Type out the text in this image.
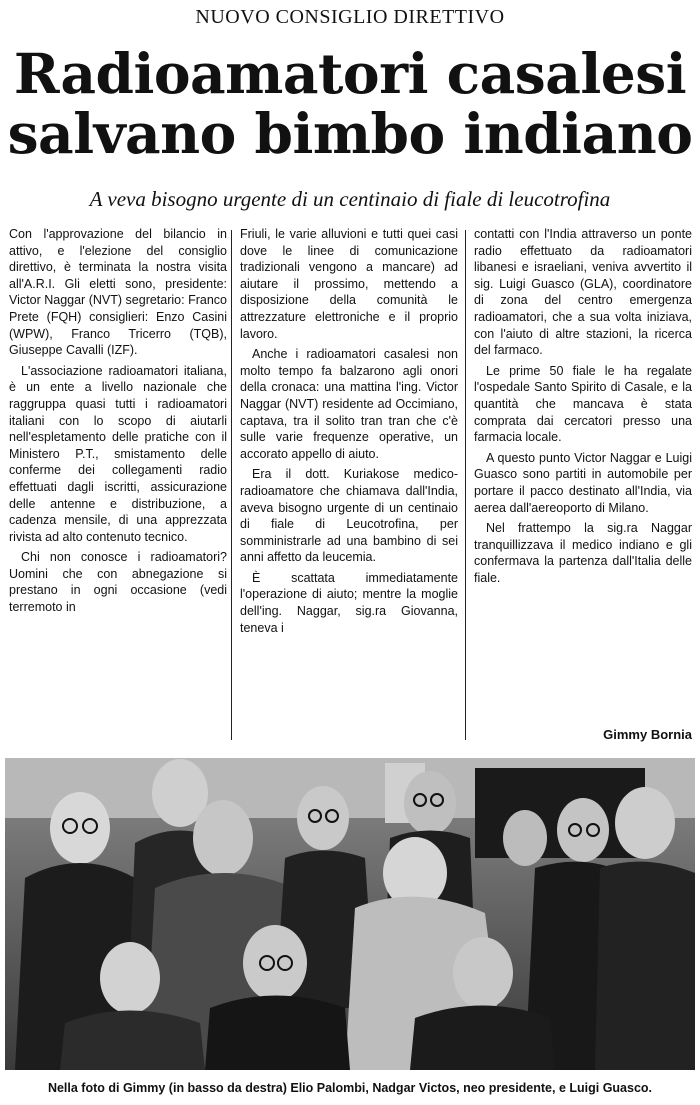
NUOVO CONSIGLIO DIRETTIVO
Radioamatori casalesi
salvano bimbo indiano
A veva bisogno urgente di un centinaio di fiale di leucotrofina

Con l'approvazione del bilancio in attivo, e l'elezione del consiglio direttivo, è terminata la nostra visita all'A.R.I. Gli eletti sono, presidente: Victor Naggar (NVT) segretario: Franco Prete (FQH) consiglieri: Enzo Casini (WPW), Franco Tricerro (TQB), Giuseppe Cavalli (IZF).

L'associazione radioamatori italiana, è un ente a livello nazionale che raggruppa quasi tutti i radioamatori italiani con lo scopo di aiutarli nell'espletamento delle pratiche con il Ministero P.T., smistamento delle conferme dei collegamenti radio effettuati dagli iscritti, assicurazione delle antenne e distribuzione, a cadenza mensile, di una apprezzata rivista ad alto contenuto tecnico.

Chi non conosce i radioamatori? Uomini che con abnegazione si prestano in ogni occasione (vedi terremoto in

Friuli, le varie alluvioni e tutti quei casi dove le linee di comunicazione tradizionali vengono a mancare) ad aiutare il prossimo, mettendo a disposizione della comunità le attrezzature elettroniche e il proprio lavoro.

Anche i radioamatori casalesi non molto tempo fa balzarono agli onori della cronaca: una mattina l'ing. Victor Naggar (NVT) residente ad Occimiano, captava, tra il solito tran tran che c'è sulle varie frequenze operative, un accorato appello di aiuto.

Era il dott. Kuriakose medico-radioamatore che chiamava dall'India, aveva bisogno urgente di un centinaio di fiale di Leucotrofina, per somministrarle ad una bambino di sei anni affetto da leucemia.

È scattata immediatamente l'operazione di aiuto; mentre la moglie dell'ing. Naggar, sig.ra Giovanna, teneva i

contatti con l'India attraverso un ponte radio effettuato da radioamatori libanesi e israeliani, veniva avvertito il sig. Luigi Guasco (GLA), coordinatore di zona del centro emergenza radioamatori, che a sua volta iniziava, con l'aiuto di altre stazioni, la ricerca del farmaco.

Le prime 50 fiale le ha regalate l'ospedale Santo Spirito di Casale, e la quantità che mancava è stata comprata dai cercatori presso una farmacia locale.

A questo punto Victor Naggar e Luigi Guasco sono partiti in automobile per portare il pacco destinato all'India, via aerea dall'aereoporto di Milano.

Nel frattempo la sig.ra Naggar tranquillizzava il medico indiano e gli confermava la partenza dall'Italia delle fiale.

Gimmy Bornia
Nella foto di Gimmy (in basso da destra) Elio Palombi, Nadgar Victos, neo presidente, e Luigi Guasco.
